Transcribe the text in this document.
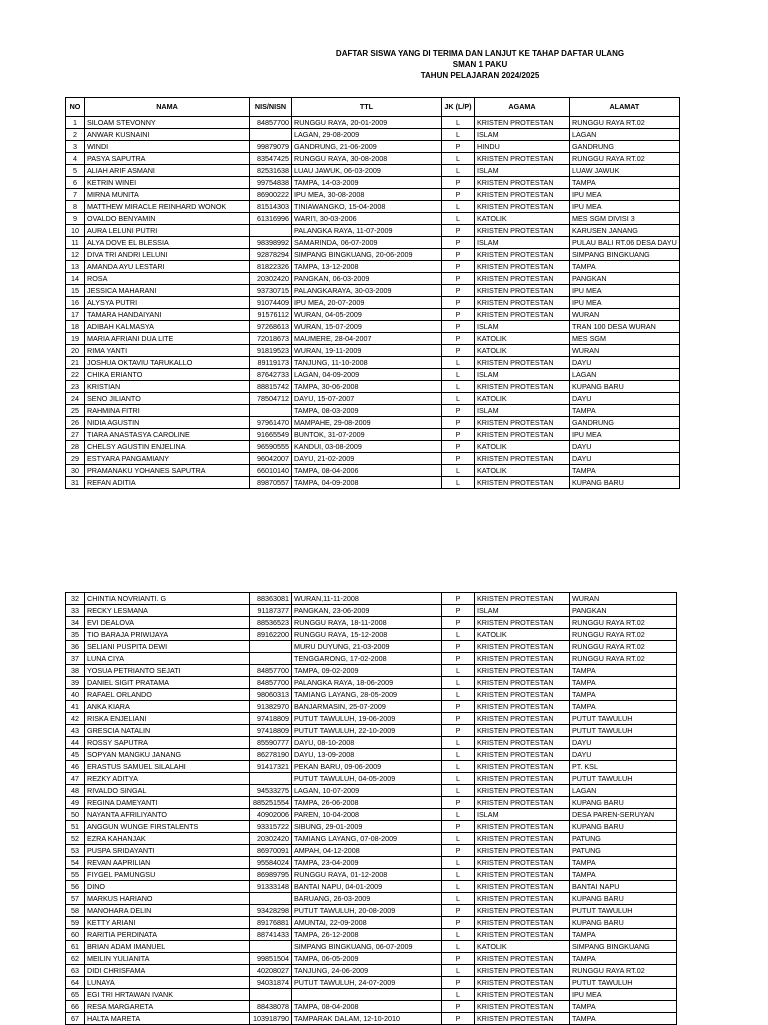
DAFTAR SISWA YANG DI TERIMA DAN LANJUT KE TAHAP DAFTAR ULANG
SMAN 1 PAKU
TAHUN PELAJARAN 2024/2025
NO	NAMA	NIS/NISN	TTL	JK (L/P)	AGAMA	ALAMAT
1	SILOAM STEVONNY	84857700	RUNGGU RAYA, 20-01-2009	L	KRISTEN PROTESTAN	RUNGGU RAYA RT.02
2	ANWAR KUSNAINI		LAGAN, 29-08-2009	L	ISLAM	LAGAN
3	WINDI	99879079	GANDRUNG, 21-06-2009	P	HINDU	GANDRUNG
4	PASYA SAPUTRA	83547425	RUNGGU RAYA, 30-08-2008	L	KRISTEN PROTESTAN	RUNGGU RAYA RT.02
5	ALIAH ARIF ASMANI	82531638	LUAU JAWUK, 06-03-2009	L	ISLAM	LUAW JAWUK
6	KETRIN WINEI	99754838	TAMPA, 14-03-2009	P	KRISTEN PROTESTAN	TAMPA
7	MIRNA MUNITA	86900222	IPU MEA, 30-08-2008	P	KRISTEN PROTESTAN	IPU MEA
8	MATTHEW MIRACLE REINHARD WONOK	81514303	TINIAWANGKO, 15-04-2008	L	KRISTEN PROTESTAN	IPU MEA
9	OVALDO BENYAMIN	61316996	WARI'I, 30-03-2006	L	KATOLIK	MES SGM DIVISI 3
10	AURA LELUNI PUTRI		PALANGKA RAYA, 11-07-2009	P	KRISTEN PROTESTAN	KARUSEN JANANG
11	ALYA DOVE EL BLESSIA	98398992	SAMARINDA, 06-07-2009	P	ISLAM	PULAU BALI RT.06 DESA DAYU
12	DIVA TRI ANDRI LELUNI	92878294	SIMPANG BINGKUANG, 20-06-2009	P	KRISTEN PROTESTAN	SIMPANG BINGKUANG
13	AMANDA AYU LESTARI	81822326	TAMPA, 13-12-2008	P	KRISTEN PROTESTAN	TAMPA
14	ROSA	20302420	PANGKAN, 06-03-2009	P	KRISTEN PROTESTAN	PANGKAN
15	JESSICA MAHARANI	93730715	PALANGKARAYA, 30-03-2009	P	KRISTEN PROTESTAN	IPU MEA
16	ALYSYA PUTRI	91074409	IPU MEA, 20-07-2009	P	KRISTEN PROTESTAN	IPU MEA
17	TAMARA HANDAIYANI	91576112	WURAN, 04-05-2009	P	KRISTEN PROTESTAN	WURAN
18	ADIBAH KALMASYA	97268613	WURAN, 15-07-2009	P	ISLAM	TRAN 100 DESA WURAN
19	MARIA AFRIANI DUA LITE	72018673	MAUMERE, 28-04-2007	P	KATOLIK	MES SGM
20	RIMA YANTI	91819523	WURAN, 19-11-2009	P	KATOLIK	WURAN
21	JOSHUA OKTAVIU TARUKALLO	89119173	TANJUNG, 11-10-2008	L	KRISTEN PROTESTAN	DAYU
22	CHIKA ERIANTO	87642733	LAGAN, 04-09-2009	L	ISLAM	LAGAN
23	KRISTIAN	88815742	TAMPA, 30-06-2008	L	KRISTEN PROTESTAN	KUPANG BARU
24	SENO JILIANTO	78504712	DAYU, 15-07-2007	L	KATOLIK	DAYU
25	RAHMINA FITRI		TAMPA, 08-03-2009	P	ISLAM	TAMPA
26	NIDIA AGUSTIN	97961470	MAMPAHE, 29-08-2009	P	KRISTEN PROTESTAN	GANDRUNG
27	TIARA ANASTASYA CAROLINE	91665549	BUNTOK, 31-07-2009	P	KRISTEN PROTESTAN	IPU MEA
28	CHELSY AGUSTIN ENJELINA	96590555	KANDUI, 03-08-2009	P	KATOLIK	DAYU
29	ESTYARA PANGAMIANY	96042007	DAYU, 21-02-2009	P	KRISTEN PROTESTAN	DAYU
30	PRAMANAKU YOHANES SAPUTRA	66010140	TAMPA, 08-04-2006	L	KATOLIK	TAMPA
31	REFAN ADITIA	89870557	TAMPA, 04-09-2008	L	KRISTEN PROTESTAN	KUPANG BARU
32	CHINTIA NOVRIANTI. G	88363081	WURAN,11-11-2008	P	KRISTEN PROTESTAN	WURAN
33	RECKY LESMANA	91187377	PANGKAN, 23-06-2009	P	ISLAM	PANGKAN
34	EVI DEALOVA	88536523	RUNGGU RAYA, 18-11-2008	P	KRISTEN PROTESTAN	RUNGGU RAYA RT.02
35	TIO BARAJA PRIWIJAYA	89162200	RUNGGU RAYA, 15-12-2008	L	KATOLIK	RUNGGU RAYA RT.02
36	SELIANI PUSPITA DEWI		MURU DUYUNG, 21-03-2009	P	KRISTEN PROTESTAN	RUNGGU RAYA RT.02
37	LUNA CIYA		TENGGARONG, 17-02-2008	P	KRISTEN PROTESTAN	RUNGGU RAYA RT.02
38	YOSUA PETRIANTO SEJATI	84857700	TAMPA, 09-02-2009	L	KRISTEN PROTESTAN	TAMPA
39	DANIEL SIGIT PRATAMA	84857700	PALANGKA RAYA, 18-06-2009	L	KRISTEN PROTESTAN	TAMPA
40	RAFAEL ORLANDO	98060313	TAMIANG LAYANG, 28-05-2009	L	KRISTEN PROTESTAN	TAMPA
41	ANKA KIARA	91382970	BANJARMASIN, 25-07-2009	P	KRISTEN PROTESTAN	TAMPA
42	RISKA ENJELIANI	97418809	PUTUT TAWULUH, 19-06-2009	P	KRISTEN PROTESTAN	PUTUT TAWULUH
43	GRESCIA NATALIN	97418809	PUTUT TAWULUH, 22-10-2009	P	KRISTEN PROTESTAN	PUTUT TAWULUH
44	ROSSY SAPUTRA	85590777	DAYU, 08-10-2008	L	KRISTEN PROTESTAN	DAYU
45	SOPYAN MANGKU JANANG	86278190	DAYU, 13-09-2008	L	KRISTEN PROTESTAN	DAYU
46	ERASTUS SAMUEL SILALAHI	91417321	PEKAN BARU, 09-06-2009	L	KRISTEN PROTESTAN	PT. KSL
47	REZKY ADITYA		PUTUT TAWULUH, 04-05-2009	L	KRISTEN PROTESTAN	PUTUT TAWULUH
48	RIVALDO SINGAL	94533275	LAGAN, 10-07-2009	L	KRISTEN PROTESTAN	LAGAN
49	REGINA DAMEYANTI	885251554	TAMPA, 26-06-2008	P	KRISTEN PROTESTAN	KUPANG BARU
50	NAYANTA AFRILIYANTO	40902006	PAREN, 10-04-2008	L	ISLAM	DESA PAREN-SERUYAN
51	ANGGUN WUNGE FIRSTALENTS	93315722	SIBUNG, 29-01-2009	P	KRISTEN PROTESTAN	KUPANG BARU
52	EZRA KAHANJAK	20302420	TAMIANG LAYANG, 07-08-2009	L	KRISTEN PROTESTAN	PATUNG
53	PUSPA SRIDAYANTI	86970091	AMPAH, 04-12-2008	P	KRISTEN PROTESTAN	PATUNG
54	REVAN AAPRILIAN	95584024	TAMPA, 23-04-2009	L	KRISTEN PROTESTAN	TAMPA
55	FIYGEL PAMUNGSU	86989795	RUNGGU RAYA, 01-12-2008	L	KRISTEN PROTESTAN	TAMPA
56	DINO	91333148	BANTAI NAPU, 04-01-2009	L	KRISTEN PROTESTAN	BANTAI NAPU
57	MARKUS HARIANO		BARUANG, 26-03-2009	L	KRISTEN PROTESTAN	KUPANG BARU
58	MANOHARA DELIN	93428298	PUTUT TAWULUH, 20-08-2009	P	KRISTEN PROTESTAN	PUTUT TAWULUH
59	KETTY ARIANI	89176881	AMUNTAI, 22-09-2008	P	KRISTEN PROTESTAN	KUPANG BARU
60	RARITIA PERDINATA	88741433	TAMPA, 26-12-2008	L	KRISTEN PROTESTAN	TAMPA
61	BRIAN ADAM IMANUEL		SIMPANG BINGKUANG, 06-07-2009	L	KATOLIK	SIMPANG BINGKUANG
62	MEILIN YULIANITA	99851504	TAMPA, 06-05-2009	P	KRISTEN PROTESTAN	TAMPA
63	DIDI CHRISFAMA	40208027	TANJUNG, 24-06-2009	L	KRISTEN PROTESTAN	RUNGGU RAYA RT.02
64	LUNAYA	94031874	PUTUT TAWULUH, 24-07-2009	P	KRISTEN PROTESTAN	PUTUT TAWULUH
65	EGI TRI HRTAWAN IVANK			L	KRISTEN PROTESTAN	IPU MEA
66	RESA MARGARETA	88438078	TAMPA, 08-04-2008	P	KRISTEN PROTESTAN	TAMPA
67	HALTA MARETA	103918790	TAMPARAK DALAM, 12-10-2010	P	KRISTEN PROTESTAN	TAMPA
